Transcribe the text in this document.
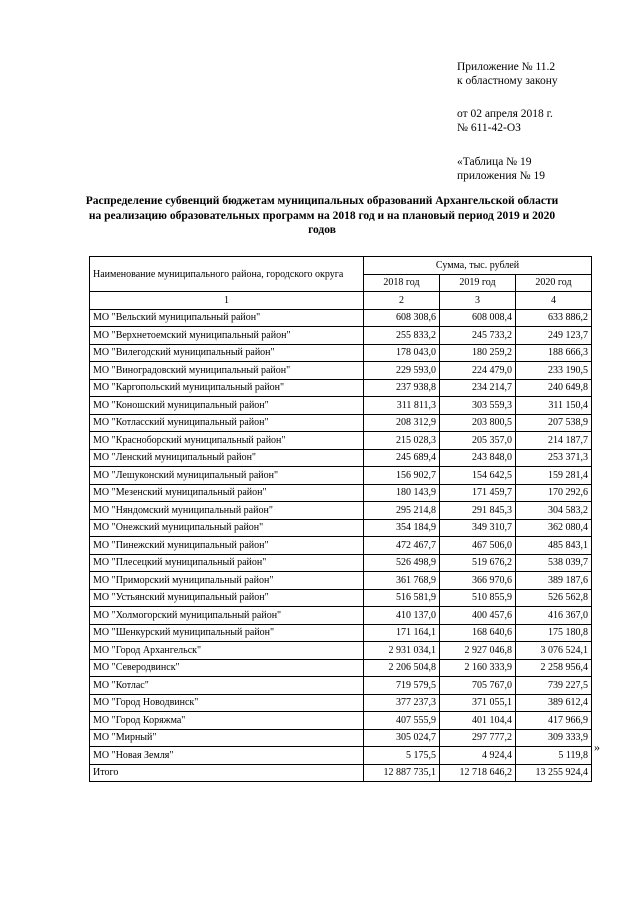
Приложение № 11.2
к областному закону
от 02 апреля 2018 г.
№ 611-42-ОЗ
«Таблица № 19
приложения № 19
Распределение субвенций бюджетам муниципальных образований Архангельской области на реализацию образовательных программ на 2018 год и на плановый период 2019 и 2020 годов
Наименование муниципального района, городского округа	Сумма, тыс. рублей		
	2018 год	2019 год	2020 год
1	2	3	4
МО "Вельский муниципальный район"	608 308,6	608 008,4	633 886,2
МО "Верхнетоемский муниципальный район"	255 833,2	245 733,2	249 123,7
МО "Вилегодский муниципальный район"	178 043,0	180 259,2	188 666,3
МО "Виноградовский муниципальный район"	229 593,0	224 479,0	233 190,5
МО "Каргопольский муниципальный район"	237 938,8	234 214,7	240 649,8
МО "Коношский муниципальный район"	311 811,3	303 559,3	311 150,4
МО "Котласский муниципальный район"	208 312,9	203 800,5	207 538,9
МО "Красноборский муниципальный район"	215 028,3	205 357,0	214 187,7
МО "Ленский муниципальный район"	245 689,4	243 848,0	253 371,3
МО "Лешуконский муниципальный район"	156 902,7	154 642,5	159 281,4
МО "Мезенский муниципальный район"	180 143,9	171 459,7	170 292,6
МО "Няндомский муниципальный район"	295 214,8	291 845,3	304 583,2
МО "Онежский муниципальный район"	354 184,9	349 310,7	362 080,4
МО "Пинежский муниципальный район"	472 467,7	467 506,0	485 843,1
МО "Плесецкий муниципальный район"	526 498,9	519 676,2	538 039,7
МО "Приморский муниципальный район"	361 768,9	366 970,6	389 187,6
МО "Устьянский муниципальный район"	516 581,9	510 855,9	526 562,8
МО "Холмогорский муниципальный район"	410 137,0	400 457,6	416 367,0
МО "Шенкурский муниципальный район"	171 164,1	168 640,6	175 180,8
МО "Город Архангельск"	2 931 034,1	2 927 046,8	3 076 524,1
МО "Северодвинск"	2 206 504,8	2 160 333,9	2 258 956,4
МО "Котлас"	719 579,5	705 767,0	739 227,5
МО "Город Новодвинск"	377 237,3	371 055,1	389 612,4
МО "Город Коряжма"	407 555,9	401 104,4	417 966,9
МО "Мирный"	305 024,7	297 777,2	309 333,9
МО "Новая Земля"	5 175,5	4 924,4	5 119,8
Итого	12 887 735,1	12 718 646,2	13 255 924,4
»
